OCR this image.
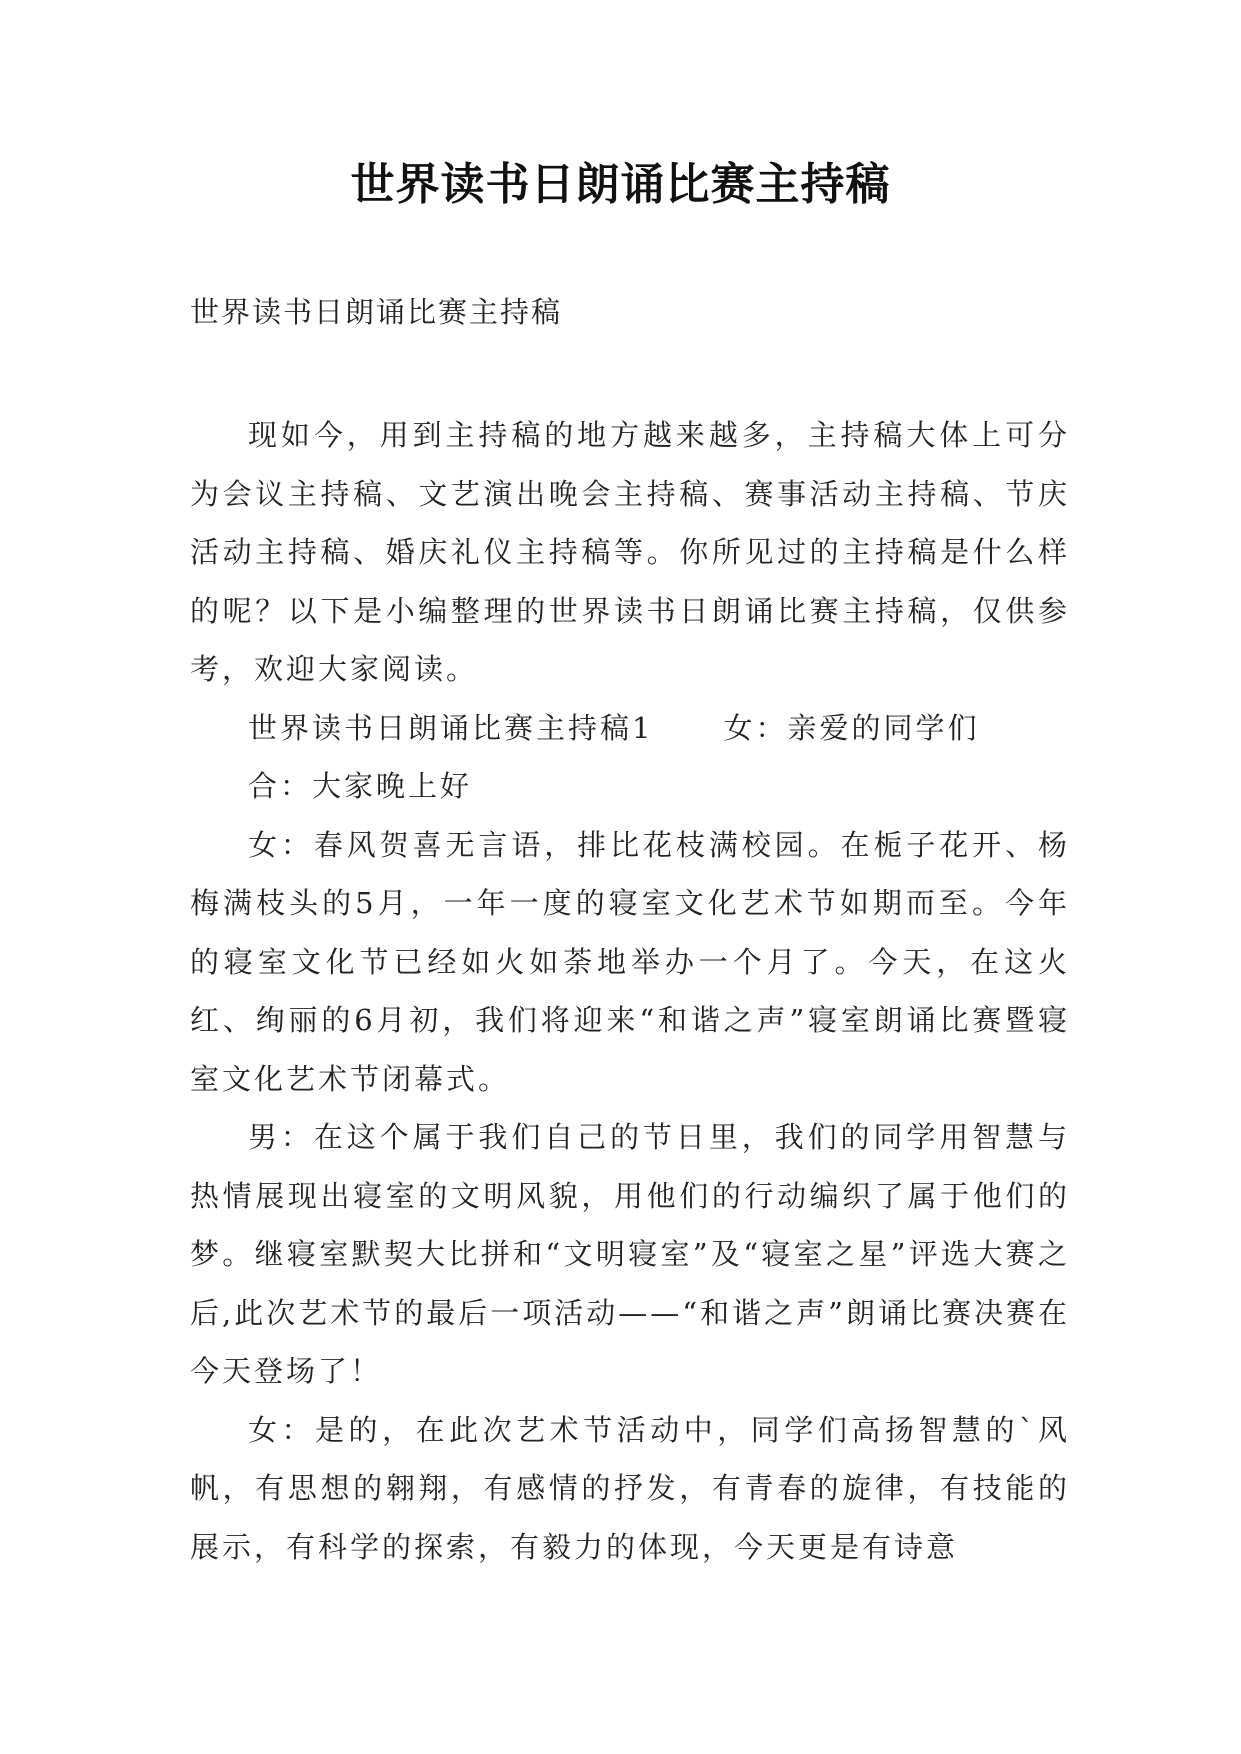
世界读书日朗诵比赛主持稿
世界读书日朗诵比赛主持稿

现如今，用到主持稿的地方越来越多，主持稿大体上可分为会议主持稿、文艺演出晚会主持稿、赛事活动主持稿、节庆活动主持稿、婚庆礼仪主持稿等。你所见过的主持稿是什么样的呢？以下是小编整理的世界读书日朗诵比赛主持稿，仅供参考，欢迎大家阅读。

世界读书日朗诵比赛主持稿1 女：亲爱的同学们

合：大家晚上好

女：春风贺喜无言语，排比花枝满校园。在栀子花开、杨梅满枝头的5月，一年一度的寝室文化艺术节如期而至。今年的寝室文化节已经如火如荼地举办一个月了。今天，在这火红、绚丽的6月初，我们将迎来“和谐之声”寝室朗诵比赛暨寝室文化艺术节闭幕式。

男：在这个属于我们自己的节日里，我们的同学用智慧与热情展现出寝室的文明风貌，用他们的行动编织了属于他们的梦。继寝室默契大比拼和“文明寝室”及“寝室之星”评选大赛之后,此次艺术节的最后一项活动——“和谐之声”朗诵比赛决赛在今天登场了！

女：是的，在此次艺术节活动中，同学们高扬智慧的`风帆，有思想的翱翔，有感情的抒发，有青春的旋律，有技能的展示，有科学的探索，有毅力的体现，今天更是有诗意
